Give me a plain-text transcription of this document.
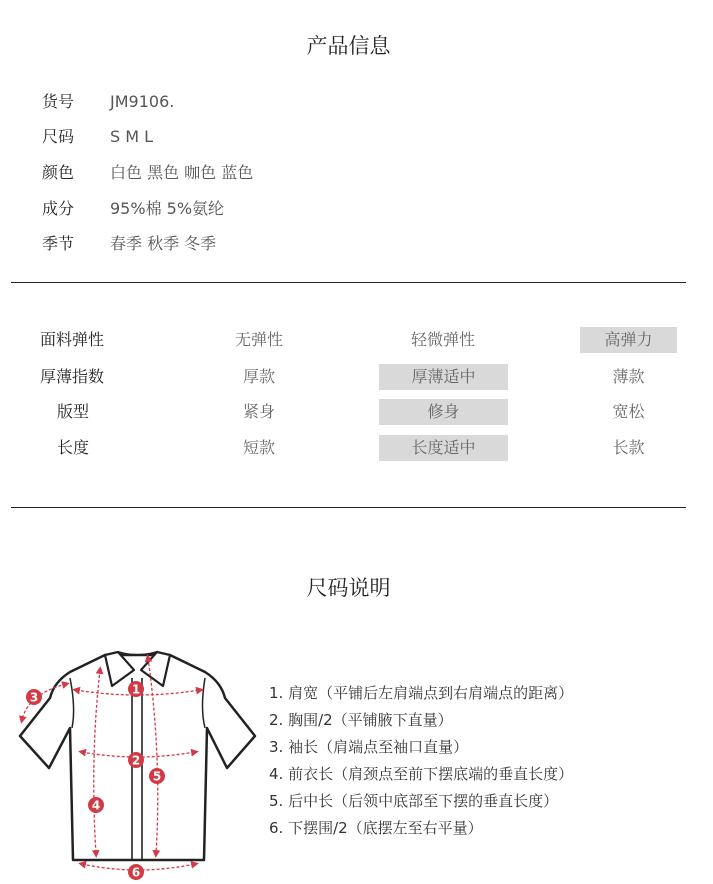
产品信息
货号	JM9106.
尺码	S M L
颜色	白色 黑色 咖色 蓝色
成分	95%棉 5%氨纶
季节	春季 秋季 冬季
面料弹性	无弹性	轻微弹性	高弹力
厚薄指数	厚款	厚薄适中	薄款
版型	紧身	修身	宽松
长度	短款	长度适中	长款
尺码说明
1
2
3
4
5
6
1. 肩宽（平铺后左肩端点到右肩端点的距离）
2. 胸围/2（平铺腋下直量）
3. 袖长（肩端点至袖口直量）
4. 前衣长（肩颈点至前下摆底端的垂直长度）
5. 后中长（后领中底部至下摆的垂直长度）
6. 下摆围/2（底摆左至右平量）
